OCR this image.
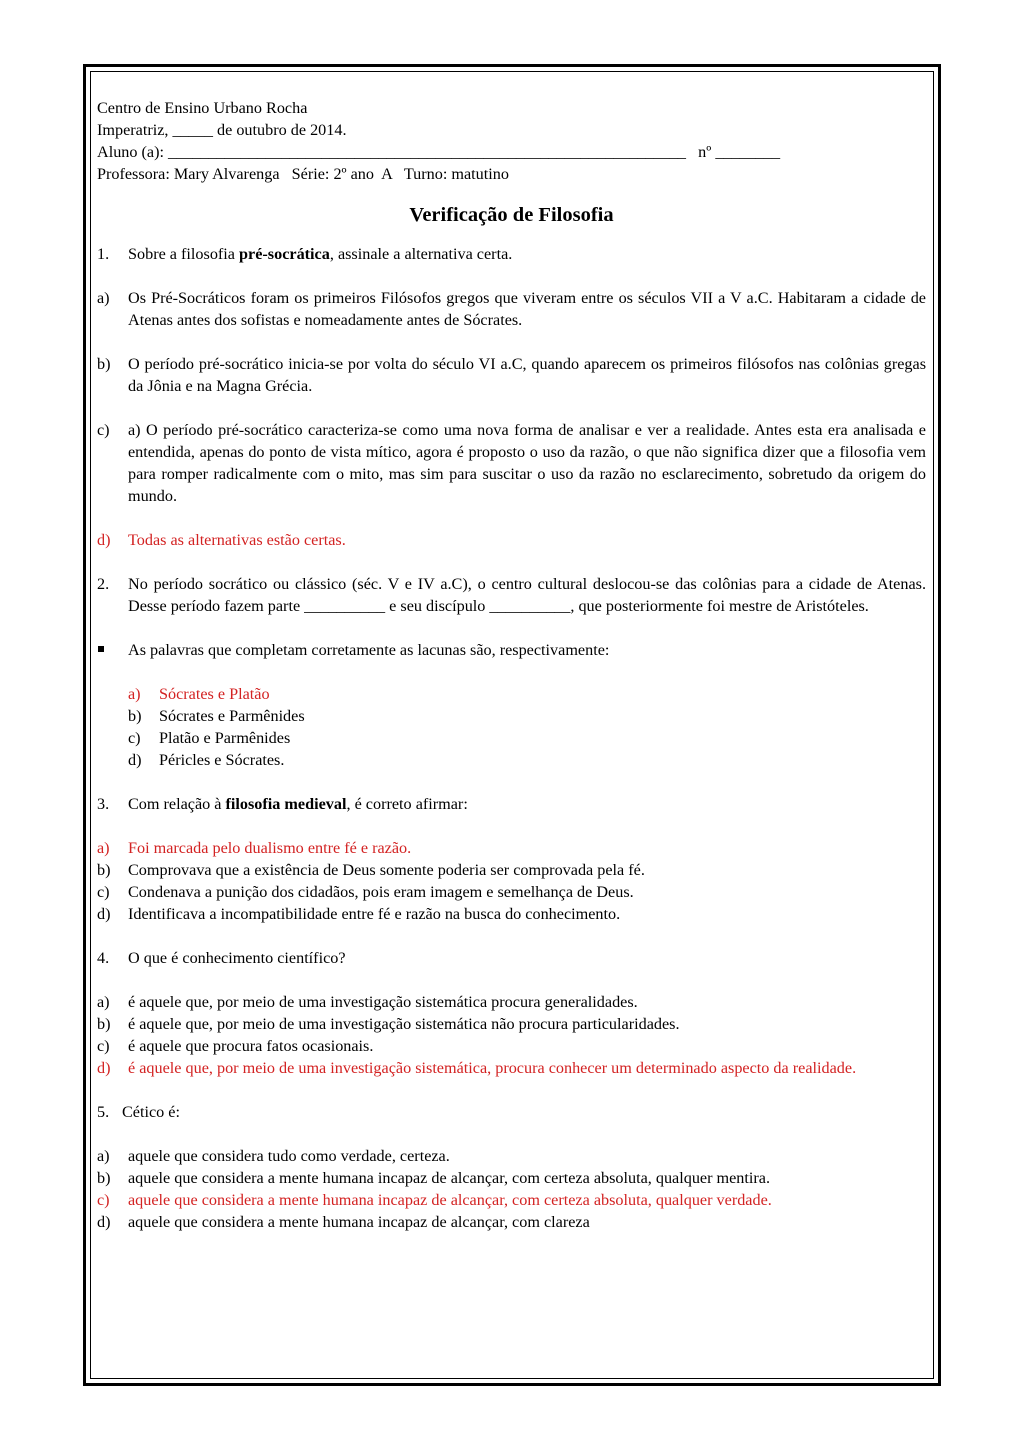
Centro de Ensino Urbano Rocha
Imperatriz, _____ de outubro de 2014.
Aluno (a): ________________________________________________________________   nº ________
Professora: Mary Alvarenga   Série: 2º ano  A   Turno: matutino
Verificação de Filosofia
1. Sobre a filosofia pré-socrática, assinale a alternativa certa.
a) Os Pré-Socráticos foram os primeiros Filósofos gregos que viveram entre os séculos VII a V a.C. Habitaram a cidade de Atenas antes dos sofistas e nomeadamente antes de Sócrates.
b) O período pré-socrático inicia-se por volta do século VI a.C, quando aparecem os primeiros filósofos nas colônias gregas da Jônia e na Magna Grécia.
c) a) O período pré-socrático caracteriza-se como uma nova forma de analisar e ver a realidade. Antes esta era analisada e entendida, apenas do ponto de vista mítico, agora é proposto o uso da razão, o que não significa dizer que a filosofia vem para romper radicalmente com o mito, mas sim para suscitar o uso da razão no esclarecimento, sobretudo da origem do mundo.
d) Todas as alternativas estão certas.
2. No período socrático ou clássico (séc. V e IV a.C), o centro cultural deslocou-se das colônias para a cidade de Atenas. Desse período fazem parte __________ e seu discípulo __________, que posteriormente foi mestre de Aristóteles.
As palavras que completam corretamente as lacunas são, respectivamente:
a) Sócrates e Platão
b) Sócrates e Parmênides
c) Platão e Parmênides
d) Péricles e Sócrates.
3. Com relação à filosofia medieval, é correto afirmar:
a) Foi marcada pelo dualismo entre fé e razão.
b) Comprovava que a existência de Deus somente poderia ser comprovada pela fé.
c) Condenava a punição dos cidadãos, pois eram imagem e semelhança de Deus.
d) Identificava a incompatibilidade entre fé e razão na busca do conhecimento.
4. O que é conhecimento científico?
a) é aquele que, por meio de uma investigação sistemática procura generalidades.
b) é aquele que, por meio de uma investigação sistemática não procura particularidades.
c) é aquele que procura fatos ocasionais.
d) é aquele que, por meio de uma investigação sistemática, procura conhecer um determinado aspecto da realidade.
5. Cético é:
a) aquele que considera tudo como verdade, certeza.
b) aquele que considera a mente humana incapaz de alcançar, com certeza absoluta, qualquer mentira.
c) aquele que considera a mente humana incapaz de alcançar, com certeza absoluta, qualquer verdade.
d) aquele que considera a mente humana incapaz de alcançar, com clareza
